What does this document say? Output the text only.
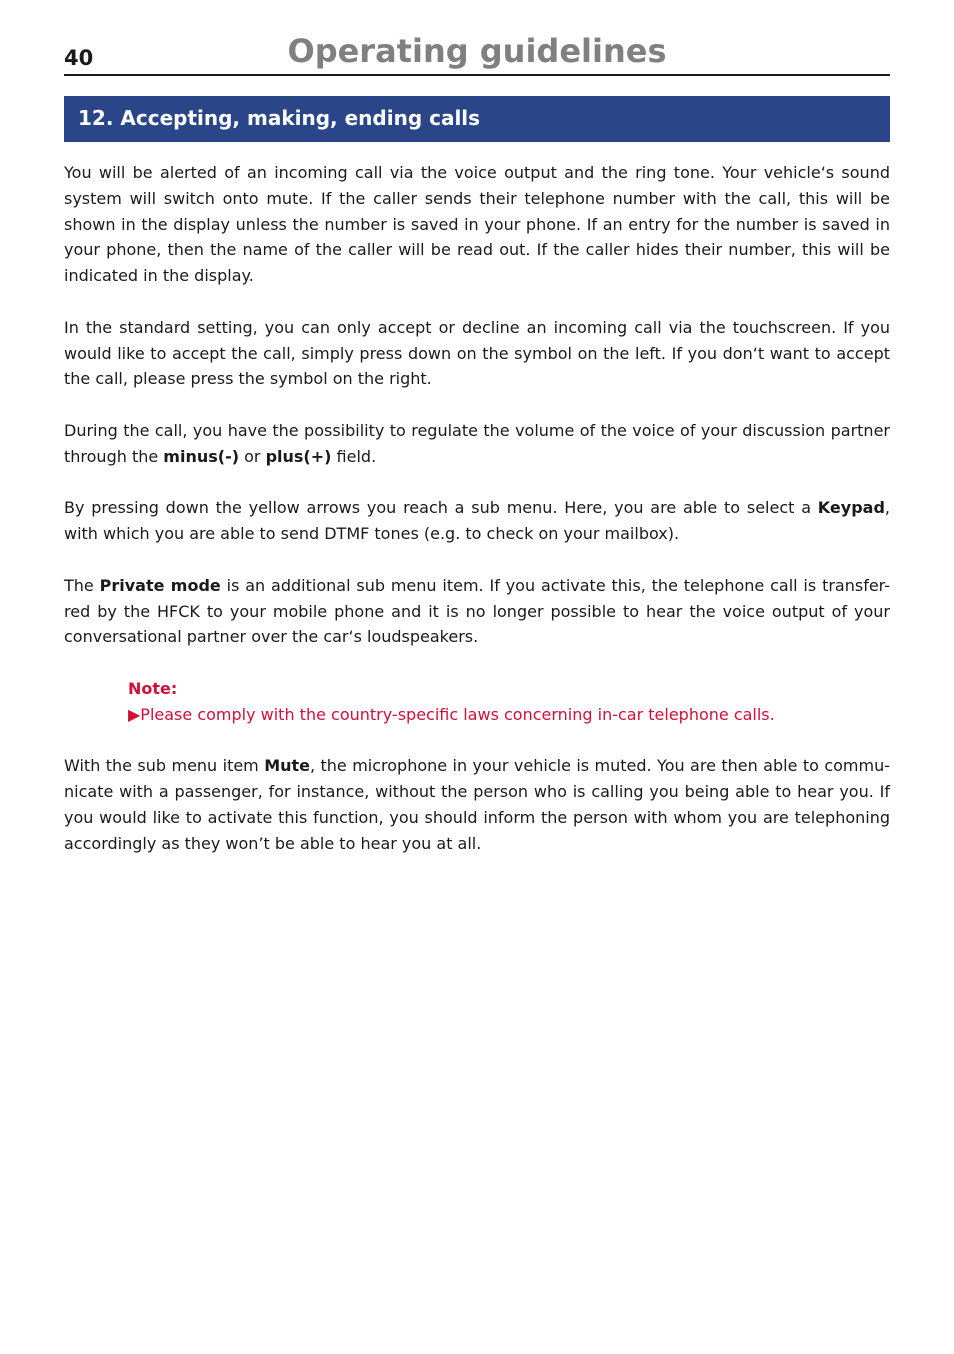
40	Operating guidelines
12. Accepting, making, ending calls

You will be alerted of an incoming call via the voice output and the ring tone. Your vehicle‘s sound system will switch onto mute. If the caller sends their telephone number with the call, this will be shown in the display unless the number is saved in your phone. If an entry for the number is saved in your phone, then the name of the caller will be read out. If the caller hides their number, this will be indicated in the display.

In the standard setting, you can only accept or decline an incoming call via the touchscreen. If you would like to accept the call, simply press down on the symbol on the left. If you don‘t want to accept the call, please press the symbol on the right.

During the call, you have the possibility to regulate the volume of the voice of your discussion partner through the minus(-) or plus(+) field.

By pressing down the yellow arrows you reach a sub menu. Here, you are able to select a Keypad, with which you are able to send DTMF tones (e.g. to check on your mailbox).

The Private mode is an additional sub menu item. If you activate this, the telephone call is transfer-red by the HFCK to your mobile phone and it is no longer possible to hear the voice output of your conversational partner over the car‘s loudspeakers.

Note:
▶Please comply with the country-specific laws concerning in-car telephone calls.

With the sub menu item Mute, the microphone in your vehicle is muted. You are then able to commu-nicate with a passenger, for instance, without the person who is calling you being able to hear you. If you would like to activate this function, you should inform the person with whom you are telephoning accordingly as they won’t be able to hear you at all.
